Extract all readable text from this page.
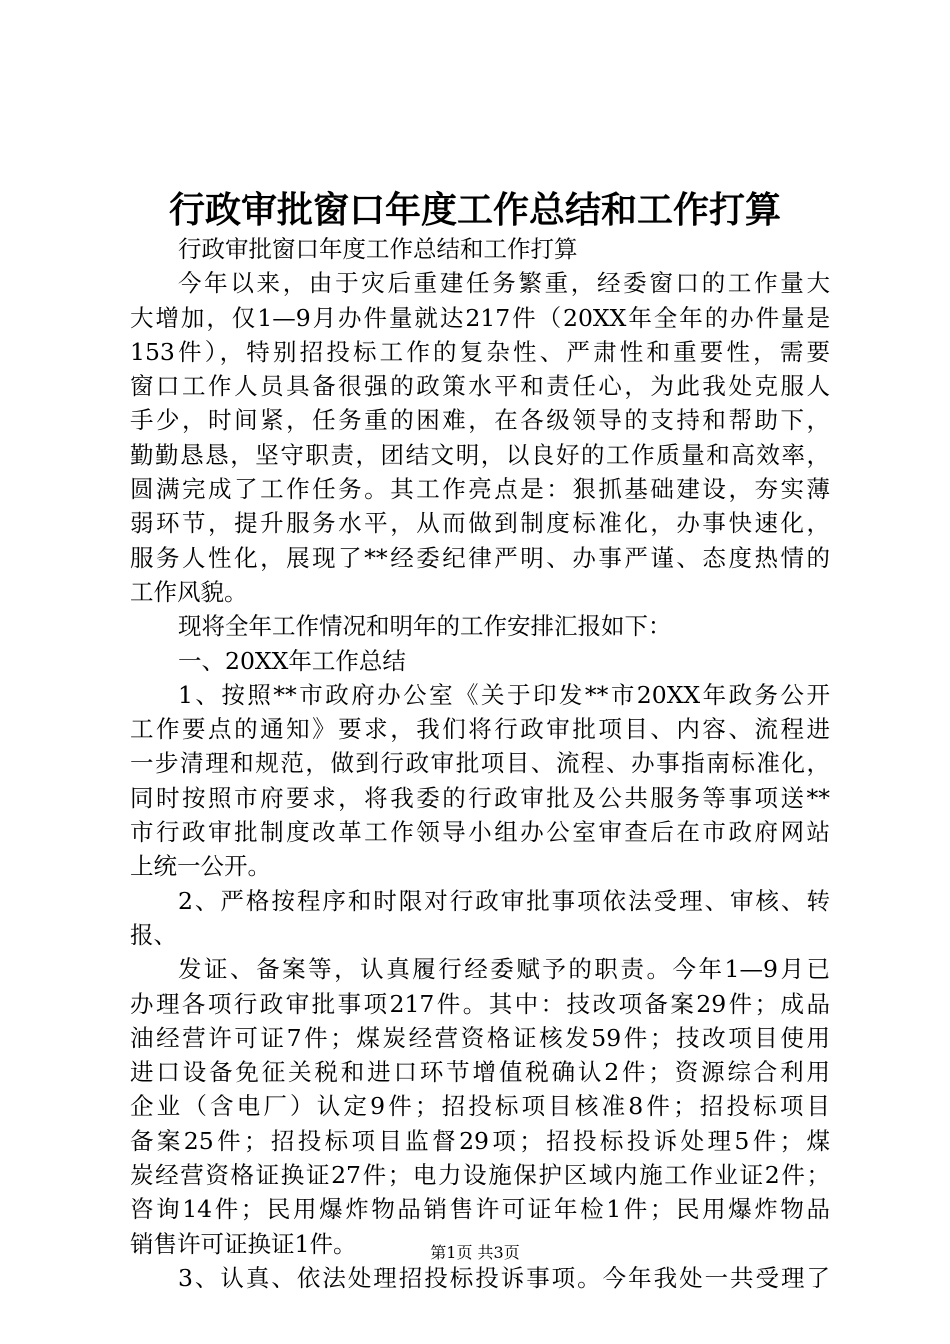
行政审批窗口年度工作总结和工作打算
行政审批窗口年度工作总结和工作打算
今年以来，由于灾后重建任务繁重，经委窗口的工作量大
大增加，仅1—9月办件量就达217件（20XX年全年的办件量是
153件），特别招投标工作的复杂性、严肃性和重要性，需要
窗口工作人员具备很强的政策水平和责任心，为此我处克服人
手少，时间紧，任务重的困难，在各级领导的支持和帮助下，
勤勤恳恳，坚守职责，团结文明，以良好的工作质量和高效率，
圆满完成了工作任务。其工作亮点是：狠抓基础建设，夯实薄
弱环节，提升服务水平，从而做到制度标准化，办事快速化，
服务人性化，展现了**经委纪律严明、办事严谨、态度热情的
工作风貌。
现将全年工作情况和明年的工作安排汇报如下：
一、20XX年工作总结
1、按照**市政府办公室《关于印发**市20XX年政务公开
工作要点的通知》要求，我们将行政审批项目、内容、流程进
一步清理和规范，做到行政审批项目、流程、办事指南标准化，
同时按照市府要求，将我委的行政审批及公共服务等事项送**
市行政审批制度改革工作领导小组办公室审查后在市政府网站
上统一公开。
2、严格按程序和时限对行政审批事项依法受理、审核、转
报、
发证、备案等，认真履行经委赋予的职责。今年1—9月已
办理各项行政审批事项217件。其中：技改项备案29件；成品
油经营许可证7件；煤炭经营资格证核发59件；技改项目使用
进口设备免征关税和进口环节增值税确认2件；资源综合利用
企业（含电厂）认定9件；招投标项目核准8件；招投标项目
备案25件；招投标项目监督29项；招投标投诉处理5件；煤
炭经营资格证换证27件；电力设施保护区域内施工作业证2件；
咨询14件；民用爆炸物品销售许可证年检1件；民用爆炸物品
销售许可证换证1件。
3、认真、依法处理招投标投诉事项。今年我处一共受理了
第1页 共3页
